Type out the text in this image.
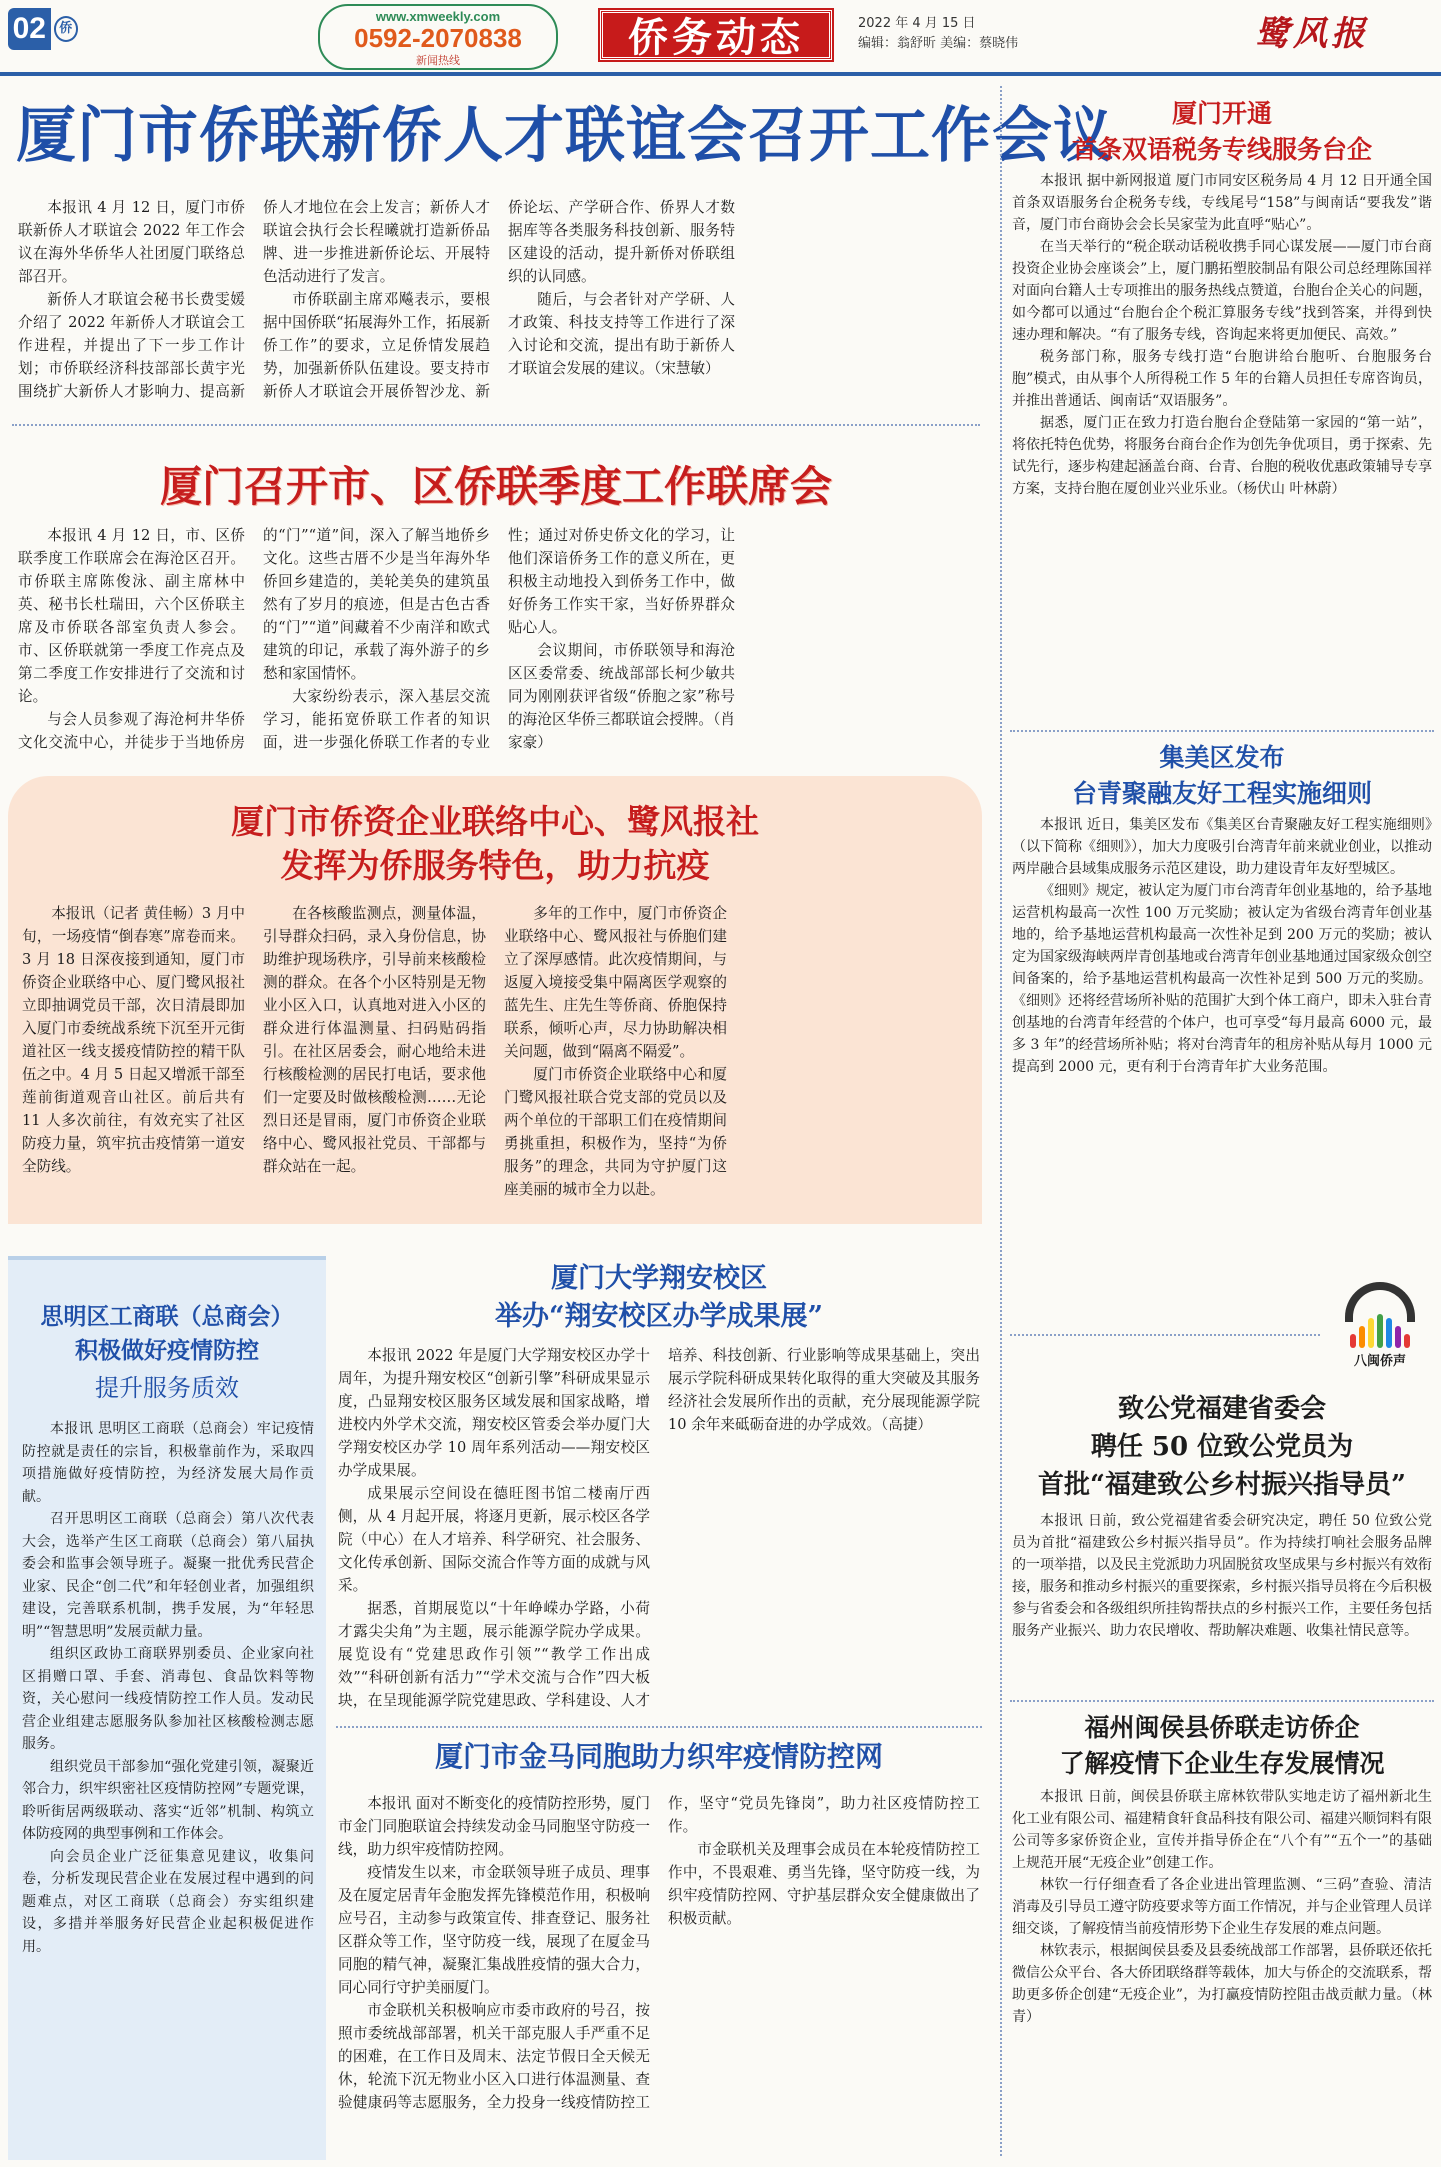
02	侨
www.xmweekly.com
0592-2070838
新闻热线	侨务动态	2022 年 4 月 15 日
编辑：翁舒昕 美编：蔡晓伟	鹭风报
厦门市侨联新侨人才联谊会召开工作会议

本报讯 4 月 12 日，厦门市侨联新侨人才联谊会 2022 年工作会议在海外华侨华人社团厦门联络总部召开。

新侨人才联谊会秘书长费雯媛介绍了 2022 年新侨人才联谊会工作进程，并提出了下一步工作计划；市侨联经济科技部部长黄宇光围绕扩大新侨人才影响力、提高新侨人才地位在会上发言；新侨人才联谊会执行会长程曦就打造新侨品牌、进一步推进新侨论坛、开展特色活动进行了发言。

市侨联副主席邓飚表示，要根据中国侨联“拓展海外工作，拓展新侨工作”的要求，立足侨情发展趋势，加强新侨队伍建设。要支持市新侨人才联谊会开展侨智沙龙、新侨论坛、产学研合作、侨界人才数据库等各类服务科技创新、服务特区建设的活动，提升新侨对侨联组织的认同感。

随后，与会者针对产学研、人才政策、科技支持等工作进行了深入讨论和交流，提出有助于新侨人才联谊会发展的建议。（宋慧敏）

厦门召开市、区侨联季度工作联席会

本报讯 4 月 12 日，市、区侨联季度工作联席会在海沧区召开。市侨联主席陈俊泳、副主席林中英、秘书长杜瑞田，六个区侨联主席及市侨联各部室负责人参会。市、区侨联就第一季度工作亮点及第二季度工作安排进行了交流和讨论。

与会人员参观了海沧柯井华侨文化交流中心，并徒步于当地侨房的“门”“道”间，深入了解当地侨乡文化。这些古厝不少是当年海外华侨回乡建造的，美轮美奂的建筑虽然有了岁月的痕迹，但是古色古香的“门”“道”间藏着不少南洋和欧式建筑的印记，承载了海外游子的乡愁和家国情怀。

大家纷纷表示，深入基层交流学习，能拓宽侨联工作者的知识面，进一步强化侨联工作者的专业性；通过对侨史侨文化的学习，让他们深谙侨务工作的意义所在，更积极主动地投入到侨务工作中，做好侨务工作实干家，当好侨界群众贴心人。

会议期间，市侨联领导和海沧区区委常委、统战部部长柯少敏共同为刚刚获评省级“侨胞之家”称号的海沧区华侨三都联谊会授牌。（肖家豪）

厦门市侨资企业联络中心、鹭风报社
发挥为侨服务特色，助力抗疫

本报讯（记者 黄佳畅）3 月中旬，一场疫情“倒春寒”席卷而来。3 月 18 日深夜接到通知，厦门市侨资企业联络中心、厦门鹭风报社立即抽调党员干部，次日清晨即加入厦门市委统战系统下沉至开元街道社区一线支援疫情防控的精干队伍之中。4 月 5 日起又增派干部至莲前街道观音山社区。前后共有 11 人多次前往，有效充实了社区防疫力量，筑牢抗击疫情第一道安全防线。

在各核酸监测点，测量体温，引导群众扫码，录入身份信息，协助维护现场秩序，引导前来核酸检测的群众。在各个小区特别是无物业小区入口，认真地对进入小区的群众进行体温测量、扫码贴码指引。在社区居委会，耐心地给未进行核酸检测的居民打电话，要求他们一定要及时做核酸检测……无论烈日还是冒雨，厦门市侨资企业联络中心、鹭风报社党员、干部都与群众站在一起。

多年的工作中，厦门市侨资企业联络中心、鹭风报社与侨胞们建立了深厚感情。此次疫情期间，与返厦入境接受集中隔离医学观察的蓝先生、庄先生等侨商、侨胞保持联系，倾听心声，尽力协助解决相关问题，做到“隔离不隔爱”。

厦门市侨资企业联络中心和厦门鹭风报社联合党支部的党员以及两个单位的干部职工们在疫情期间勇挑重担，积极作为，坚持“为侨服务”的理念，共同为守护厦门这座美丽的城市全力以赴。

厦门开通
首条双语税务专线服务台企

本报讯 据中新网报道 厦门市同安区税务局 4 月 12 日开通全国首条双语服务台企税务专线，专线尾号“158”与闽南话“要我发”谐音，厦门市台商协会会长吴家莹为此直呼“贴心”。

在当天举行的“税企联动话税收携手同心谋发展——厦门市台商投资企业协会座谈会”上，厦门鹏拓塑胶制品有限公司总经理陈国祥对面向台籍人士专项推出的服务热线点赞道，台胞台企关心的问题，如今都可以通过“台胞台企个税汇算服务专线”找到答案，并得到快速办理和解决。“有了服务专线，咨询起来将更加便民、高效。”

税务部门称，服务专线打造“台胞讲给台胞听、台胞服务台胞”模式，由从事个人所得税工作 5 年的台籍人员担任专席咨询员，并推出普通话、闽南话“双语服务”。

据悉，厦门正在致力打造台胞台企登陆第一家园的“第一站”，将依托特色优势，将服务台商台企作为创先争优项目，勇于探索、先试先行，逐步构建起涵盖台商、台青、台胞的税收优惠政策辅导专享方案，支持台胞在厦创业兴业乐业。（杨伏山 叶林蔚）

集美区发布
台青聚融友好工程实施细则

本报讯 近日，集美区发布《集美区台青聚融友好工程实施细则》（以下简称《细则》），加大力度吸引台湾青年前来就业创业，以推动两岸融合县域集成服务示范区建设，助力建设青年友好型城区。

《细则》规定，被认定为厦门市台湾青年创业基地的，给予基地运营机构最高一次性 100 万元奖励；被认定为省级台湾青年创业基地的，给予基地运营机构最高一次性补足到 200 万元的奖励；被认定为国家级海峡两岸青创基地或台湾青年创业基地通过国家级众创空间备案的，给予基地运营机构最高一次性补足到 500 万元的奖励。《细则》还将经营场所补贴的范围扩大到个体工商户，即未入驻台青创基地的台湾青年经营的个体户，也可享受“每月最高 6000 元，最多 3 年”的经营场所补贴；将对台湾青年的租房补贴从每月 1000 元提高到 2000 元，更有利于台湾青年扩大业务范围。

八闽侨声
致公党福建省委会
聘任 50 位致公党员为
首批“福建致公乡村振兴指导员”

本报讯 日前，致公党福建省委会研究决定，聘任 50 位致公党员为首批“福建致公乡村振兴指导员”。作为持续打响社会服务品牌的一项举措，以及民主党派助力巩固脱贫攻坚成果与乡村振兴有效衔接，服务和推动乡村振兴的重要探索，乡村振兴指导员将在今后积极参与省委会和各级组织所挂钩帮扶点的乡村振兴工作，主要任务包括服务产业振兴、助力农民增收、帮助解决难题、收集社情民意等。

福州闽侯县侨联走访侨企
了解疫情下企业生存发展情况

本报讯 日前，闽侯县侨联主席林钦带队实地走访了福州新北生化工业有限公司、福建精食轩食品科技有限公司、福建兴顺饲料有限公司等多家侨资企业，宣传并指导侨企在“八个有”“五个一”的基础上规范开展“无疫企业”创建工作。

林钦一行仔细查看了各企业进出管理监测、“三码”查验、清洁消毒及引导员工遵守防疫要求等方面工作情况，并与企业管理人员详细交谈，了解疫情当前疫情形势下企业生存发展的难点问题。

林钦表示，根据闽侯县委及县委统战部工作部署，县侨联还依托微信公众平台、各大侨团联络群等载体，加大与侨企的交流联系，帮助更多侨企创建“无疫企业”，为打赢疫情防控阻击战贡献力量。（林青）

思明区工商联（总商会）
积极做好疫情防控
提升服务质效

本报讯 思明区工商联（总商会）牢记疫情防控就是责任的宗旨，积极靠前作为，采取四项措施做好疫情防控，为经济发展大局作贡献。

召开思明区工商联（总商会）第八次代表大会，选举产生区工商联（总商会）第八届执委会和监事会领导班子。凝聚一批优秀民营企业家、民企“创二代”和年轻创业者，加强组织建设，完善联系机制，携手发展，为“年轻思明”“智慧思明”发展贡献力量。

组织区政协工商联界别委员、企业家向社区捐赠口罩、手套、消毒包、食品饮料等物资，关心慰问一线疫情防控工作人员。发动民营企业组建志愿服务队参加社区核酸检测志愿服务。

组织党员干部参加“强化党建引领，凝聚近邻合力，织牢织密社区疫情防控网”专题党课，聆听街居两级联动、落实“近邻”机制、构筑立体防疫网的典型事例和工作体会。

向会员企业广泛征集意见建议，收集问卷，分析发现民营企业在发展过程中遇到的问题难点，对区工商联（总商会）夯实组织建设，多措并举服务好民营企业起积极促进作用。

厦门大学翔安校区
举办“翔安校区办学成果展”

本报讯 2022 年是厦门大学翔安校区办学十周年，为提升翔安校区“创新引擎”科研成果显示度，凸显翔安校区服务区域发展和国家战略，增进校内外学术交流，翔安校区管委会举办厦门大学翔安校区办学 10 周年系列活动——翔安校区办学成果展。

成果展示空间设在德旺图书馆二楼南厅西侧，从 4 月起开展，将逐月更新，展示校区各学院（中心）在人才培养、科学研究、社会服务、文化传承创新、国际交流合作等方面的成就与风采。

据悉，首期展览以“十年峥嵘办学路，小荷才露尖尖角”为主题，展示能源学院办学成果。展览设有“党建思政作引领”“教学工作出成效”“科研创新有活力”“学术交流与合作”四大板块，在呈现能源学院党建思政、学科建设、人才培养、科技创新、行业影响等成果基础上，突出展示学院科研成果转化取得的重大突破及其服务经济社会发展所作出的贡献，充分展现能源学院 10 余年来砥砺奋进的办学成效。（高捷）

厦门市金马同胞助力织牢疫情防控网

本报讯 面对不断变化的疫情防控形势，厦门市金门同胞联谊会持续发动金马同胞坚守防疫一线，助力织牢疫情防控网。

疫情发生以来，市金联领导班子成员、理事及在厦定居青年金胞发挥先锋模范作用，积极响应号召，主动参与政策宣传、排查登记、服务社区群众等工作，坚守防疫一线，展现了在厦金马同胞的精气神，凝聚汇集战胜疫情的强大合力，同心同行守护美丽厦门。

市金联机关积极响应市委市政府的号召，按照市委统战部部署，机关干部克服人手严重不足的困难，在工作日及周末、法定节假日全天候无休，轮流下沉无物业小区入口进行体温测量、查验健康码等志愿服务，全力投身一线疫情防控工作，坚守“党员先锋岗”，助力社区疫情防控工作。

市金联机关及理事会成员在本轮疫情防控工作中，不畏艰难、勇当先锋，坚守防疫一线，为织牢疫情防控网、守护基层群众安全健康做出了积极贡献。
